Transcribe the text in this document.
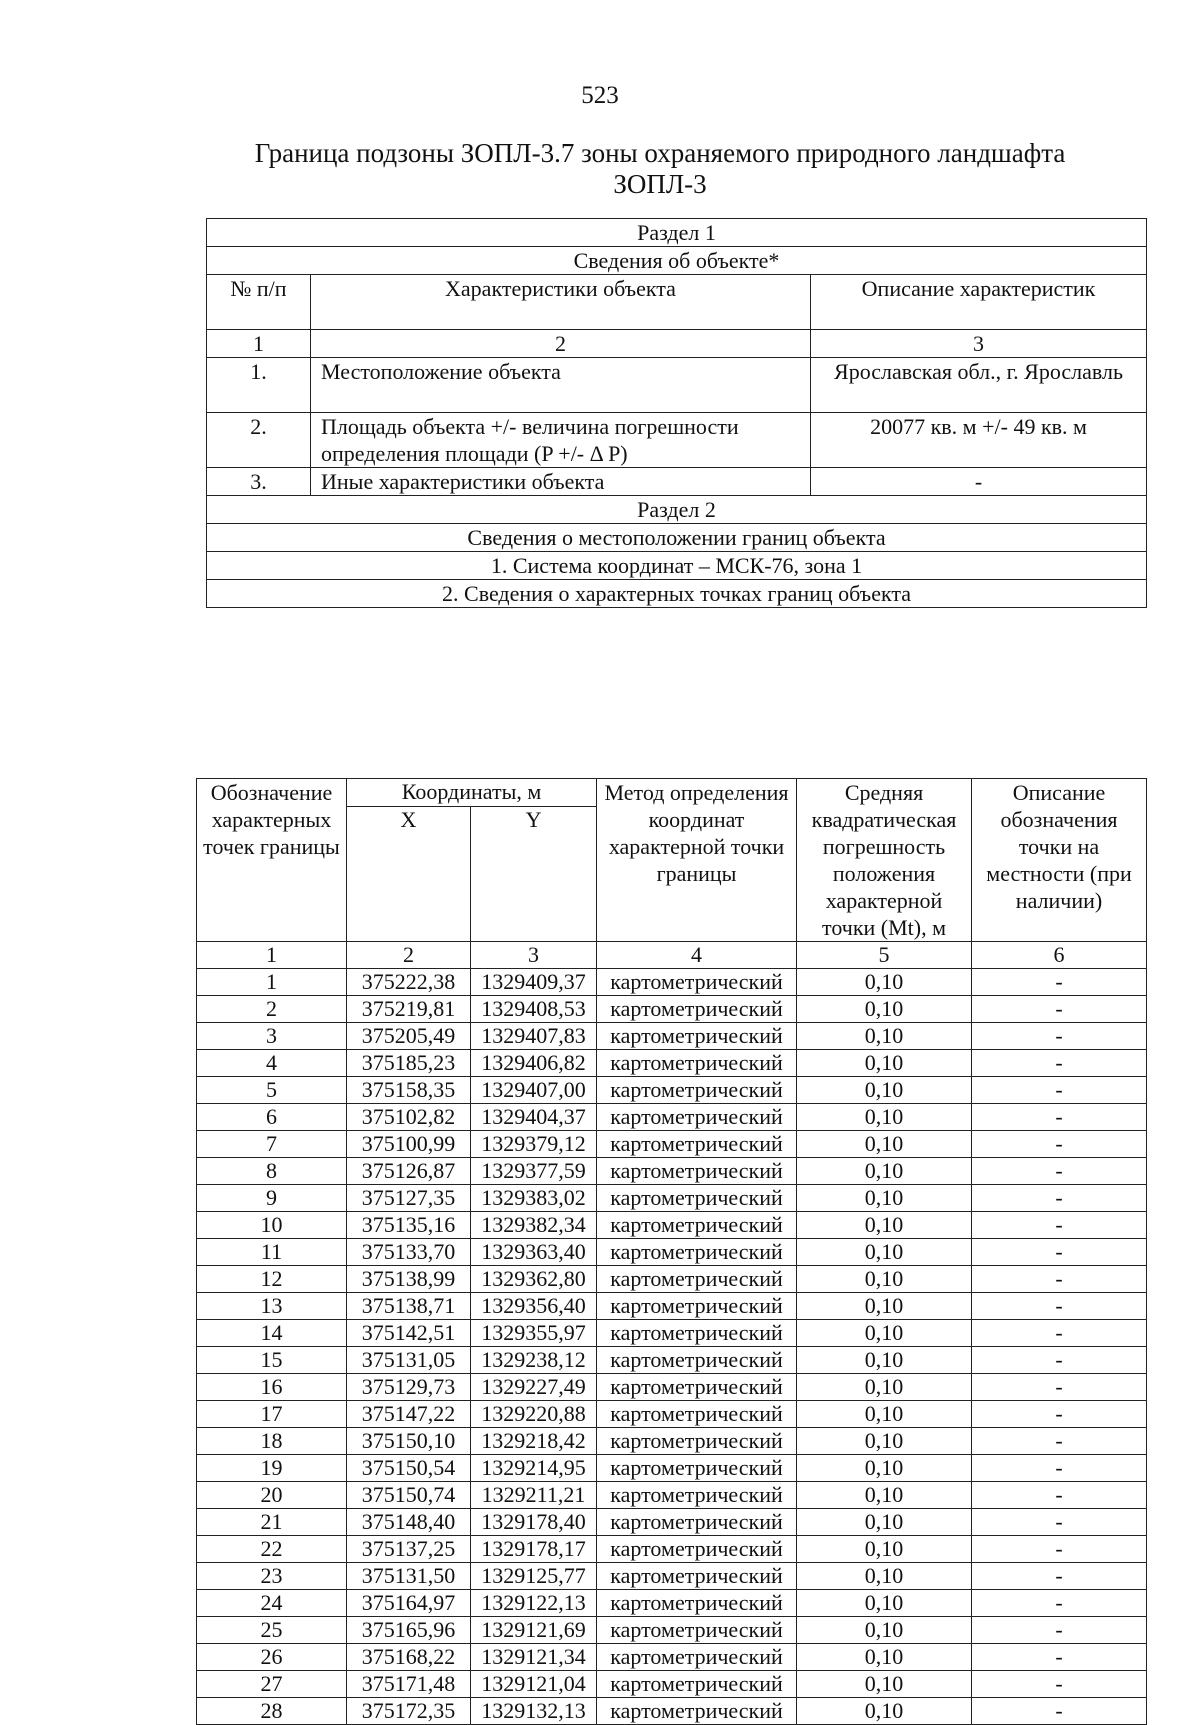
523
Граница подзоны ЗОПЛ-3.7 зоны охраняемого природного ландшафта
ЗОПЛ-3
Раздел 1		
Сведения об объекте*		
№ п/п	Характеристики объекта	Описание характеристик
1	2	3
1.	Местоположение объекта	Ярославская обл., г. Ярославль
2.	Площадь объекта +/- величина погрешности определения площади (P +/- Δ P)	20077 кв. м +/- 49 кв. м
3.	Иные характеристики объекта	-
Раздел 2		
Сведения о местоположении границ объекта		
1. Система координат – МСК-76, зона 1		
2. Сведения о характерных точках границ объекта		
Обозначение характерных точек границы	Координаты, м		Метод определения координат характерной точки границы	Средняя квадратическая погрешность положения характерной точки (Mt), м	Описание обозначения точки на местности (при наличии)
	X	Y			
1	2	3	4	5	6
1	375222,38	1329409,37	картометрический	0,10	-
2	375219,81	1329408,53	картометрический	0,10	-
3	375205,49	1329407,83	картометрический	0,10	-
4	375185,23	1329406,82	картометрический	0,10	-
5	375158,35	1329407,00	картометрический	0,10	-
6	375102,82	1329404,37	картометрический	0,10	-
7	375100,99	1329379,12	картометрический	0,10	-
8	375126,87	1329377,59	картометрический	0,10	-
9	375127,35	1329383,02	картометрический	0,10	-
10	375135,16	1329382,34	картометрический	0,10	-
11	375133,70	1329363,40	картометрический	0,10	-
12	375138,99	1329362,80	картометрический	0,10	-
13	375138,71	1329356,40	картометрический	0,10	-
14	375142,51	1329355,97	картометрический	0,10	-
15	375131,05	1329238,12	картометрический	0,10	-
16	375129,73	1329227,49	картометрический	0,10	-
17	375147,22	1329220,88	картометрический	0,10	-
18	375150,10	1329218,42	картометрический	0,10	-
19	375150,54	1329214,95	картометрический	0,10	-
20	375150,74	1329211,21	картометрический	0,10	-
21	375148,40	1329178,40	картометрический	0,10	-
22	375137,25	1329178,17	картометрический	0,10	-
23	375131,50	1329125,77	картометрический	0,10	-
24	375164,97	1329122,13	картометрический	0,10	-
25	375165,96	1329121,69	картометрический	0,10	-
26	375168,22	1329121,34	картометрический	0,10	-
27	375171,48	1329121,04	картометрический	0,10	-
28	375172,35	1329132,13	картометрический	0,10	-
